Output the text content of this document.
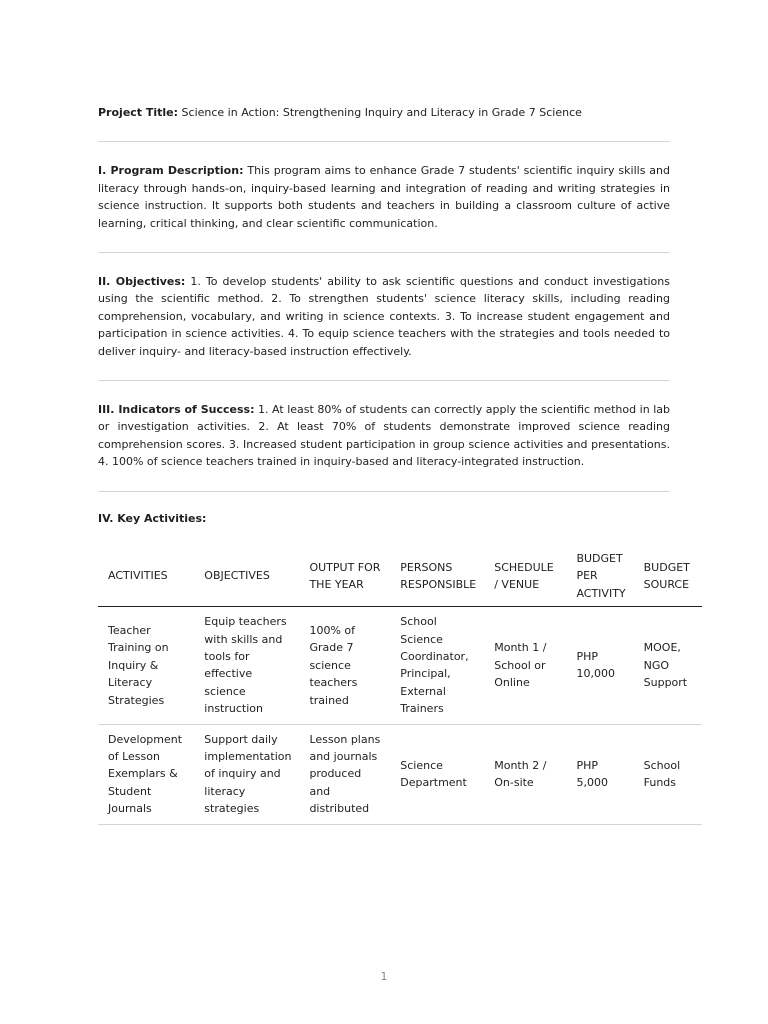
Project Title: Science in Action: Strengthening Inquiry and Literacy in Grade 7 Science

I. Program Description: This program aims to enhance Grade 7 students' scientific inquiry skills and literacy through hands-on, inquiry-based learning and integration of reading and writing strategies in science instruction. It supports both students and teachers in building a classroom culture of active learning, critical thinking, and clear scientific communication.

II. Objectives: 1. To develop students' ability to ask scientific questions and conduct investigations using the scientific method. 2. To strengthen students' science literacy skills, including reading comprehension, vocabulary, and writing in science contexts. 3. To increase student engagement and participation in science activities. 4. To equip science teachers with the strategies and tools needed to deliver inquiry- and literacy-based instruction effectively.

III. Indicators of Success: 1. At least 80% of students can correctly apply the scientific method in lab or investigation activities. 2. At least 70% of students demonstrate improved science reading comprehension scores. 3. Increased student participation in group science activities and presentations. 4. 100% of science teachers trained in inquiry-based and literacy-integrated instruction.

IV. Key Activities:
ACTIVITIES	OBJECTIVES	OUTPUT FOR THE YEAR	PERSONS RESPONSIBLE	SCHEDULE / VENUE	BUDGET PER ACTIVITY	BUDGET SOURCE
Teacher Training on Inquiry & Literacy Strategies	Equip teachers with skills and tools for effective science instruction	100% of Grade 7 science teachers trained	School Science Coordinator, Principal, External Trainers	Month 1 / School or Online	PHP 10,000	MOOE, NGO Support
Development of Lesson Exemplars & Student Journals	Support daily implementation of inquiry and literacy strategies	Lesson plans and journals produced and distributed	Science Department	Month 2 / On-site	PHP 5,000	School Funds
1
